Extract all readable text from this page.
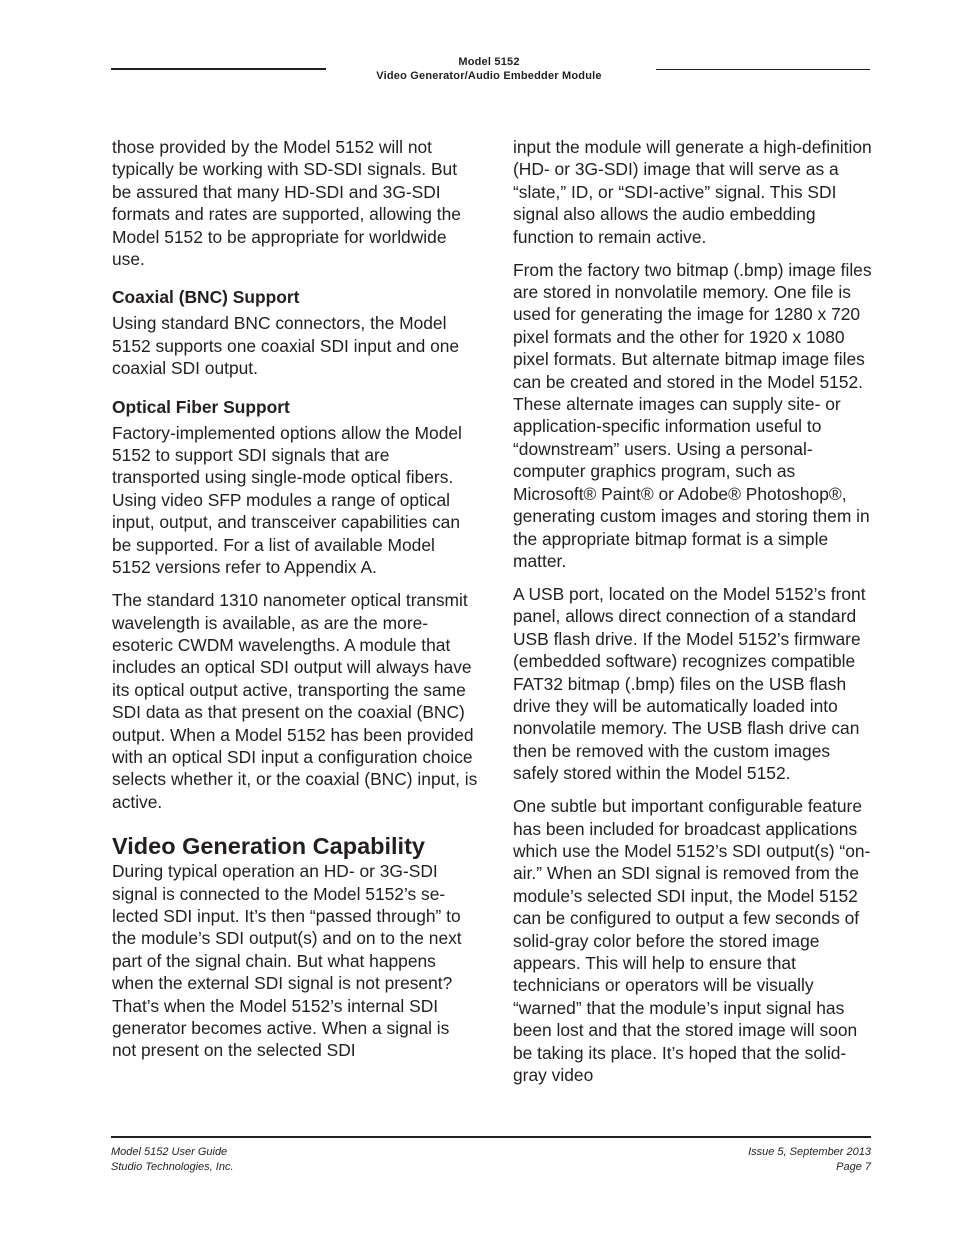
Model 5152
Video Generator/Audio Embedder Module

those provided by the Model 5152 will not typically be working with SD-SDI signals. But be assured that many HD-SDI and 3G-SDI formats and rates are supported, allowing the Model 5152 to be appropriate for worldwide use.

Coaxial (BNC) Support

Using standard BNC connectors, the Model 5152 supports one coaxial SDI input and one coaxial SDI output.

Optical Fiber Support

Factory-implemented options allow the Model 5152 to support SDI signals that are transported using single-mode optical fibers. Using video SFP modules a range of optical input, output, and transceiver capabilities can be supported. For a list of available Model 5152 versions refer to Appendix A.

The standard 1310 nanometer optical transmit wavelength is available, as are the more-esoteric CWDM wavelengths. A module that includes an optical SDI output will always have its optical output active, transporting the same SDI data as that present on the coaxial (BNC) output. When a Model 5152 has been provided with an optical SDI input a configuration choice selects whether it, or the coaxial (BNC) input, is active.

Video Generation Capability

During typical operation an HD- or 3G-SDI signal is connected to the Model 5152’s selected SDI input. It’s then “passed through” to the module’s SDI output(s) and on to the next part of the signal chain. But what happens when the external SDI signal is not present? That’s when the Model 5152’s internal SDI generator becomes active. When a signal is not present on the selected SDI

input the module will generate a high-definition (HD- or 3G-SDI) image that will serve as a “slate,” ID, or “SDI-active” signal. This SDI signal also allows the audio embedding function to remain active.

From the factory two bitmap (.bmp) image files are stored in nonvolatile memory. One file is used for generating the image for 1280 x 720 pixel formats and the other for 1920 x 1080 pixel formats. But alternate bitmap image files can be created and stored in the Model 5152. These alternate images can supply site- or application-specific information useful to “downstream” users. Using a personal-computer graphics program, such as Microsoft® Paint® or Adobe® Photoshop®, generating custom images and storing them in the appropriate bitmap format is a simple matter.

A USB port, located on the Model 5152’s front panel, allows direct connection of a standard USB flash drive. If the Model 5152’s firmware (embedded software) recognizes compatible FAT32 bitmap (.bmp) files on the USB flash drive they will be automatically loaded into nonvolatile memory. The USB flash drive can then be removed with the custom images safely stored within the Model 5152.

One subtle but important configurable feature has been included for broadcast applications which use the Model 5152’s SDI output(s) “on-air.” When an SDI signal is removed from the module’s selected SDI input, the Model 5152 can be configured to output a few seconds of solid-gray color before the stored image appears. This will help to ensure that technicians or operators will be visually “warned” that the module’s input signal has been lost and that the stored image will soon be taking its place. It’s hoped that the solid-gray video

Model 5152 User Guide
Studio Technologies, Inc.
Issue 5, September 2013
Page 7
